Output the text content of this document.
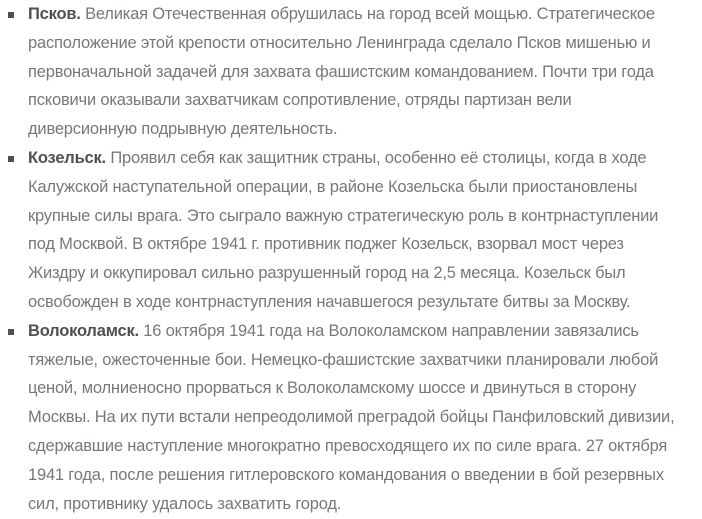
Псков. Великая Отечественная обрушилась на город всей мощью. Стратегическое расположение этой крепости относительно Ленинграда сделало Псков мишенью и первоначальной задачей для захвата фашистским командованием. Почти три года псковичи оказывали захватчикам сопротивление, отряды партизан вели диверсионную подрывную деятельность.
Козельск. Проявил себя как защитник страны, особенно её столицы, когда в ходе Калужской наступательной операции, в районе Козельска были приостановлены крупные силы врага. Это сыграло важную стратегическую роль в контрнаступлении под Москвой. В октябре 1941 г. противник поджег Козельск, взорвал мост через Жиздру и оккупировал сильно разрушенный город на 2,5 месяца. Козельск был освобожден в ходе контрнаступления начавшегося результате битвы за Москву.
Волоколамск. 16 октября 1941 года на Волоколамском направлении завязались тяжелые, ожесточенные бои. Немецко-фашистские захватчики планировали любой ценой, молниеносно прорваться к Волоколамскому шоссе и двинуться в сторону Москвы. На их пути встали непреодолимой преградой бойцы Панфиловский дивизии, сдержавшие наступление многократно превосходящего их по силе врага. 27 октября 1941 года, после решения гитлеровского командования о введении в бой резервных сил, противнику удалось захватить город.
